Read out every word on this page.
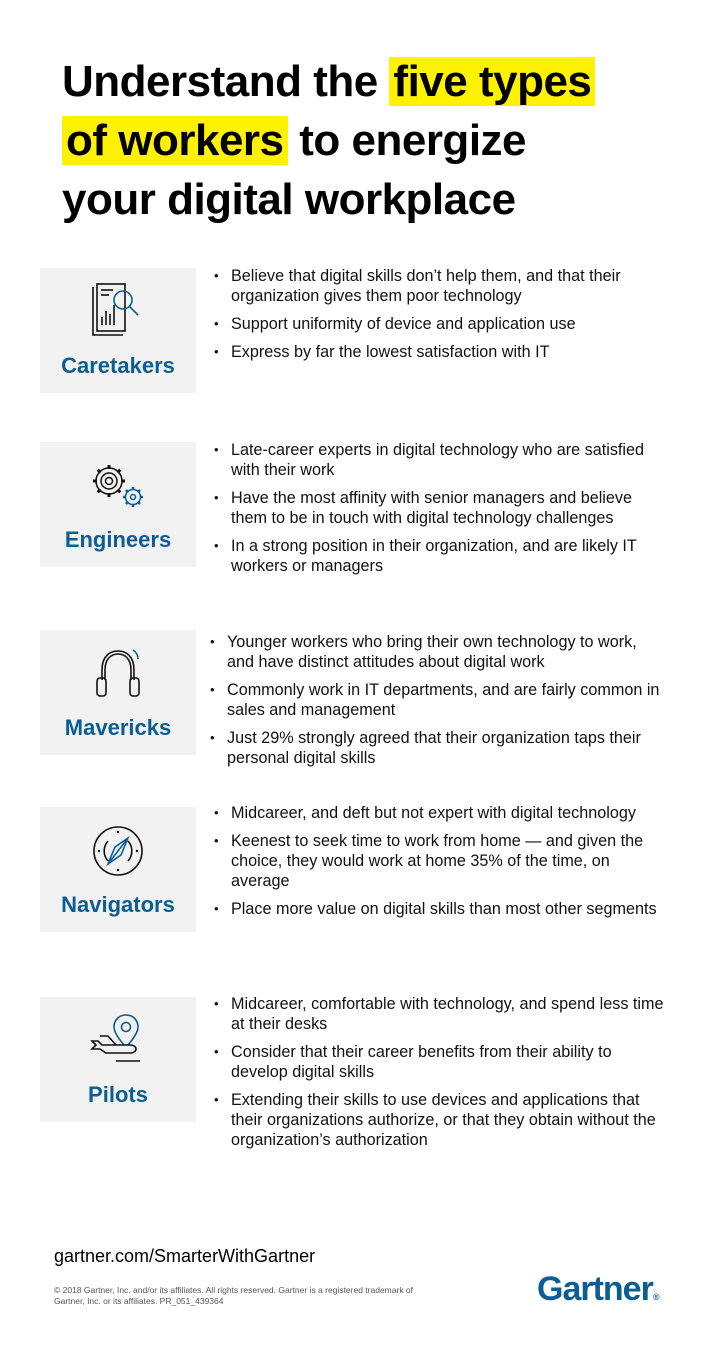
Understand the five types
of workers to energize
your digital workplace
Caretakers
• Believe that digital skills don’t help them, and that their organization gives them poor technology
• Support uniformity of device and application use
• Express by far the lowest satisfaction with IT
Engineers
• Late-career experts in digital technology who are satisfied with their work
• Have the most affinity with senior managers and believe them to be in touch with digital technology challenges
• In a strong position in their organization, and are likely IT workers or managers
Mavericks
• Younger workers who bring their own technology to work, and have distinct attitudes about digital work
• Commonly work in IT departments, and are fairly common in sales and management
• Just 29% strongly agreed that their organization taps their personal digital skills
Navigators
• Midcareer, and deft but not expert with digital technology
• Keenest to seek time to work from home — and given the choice, they would work at home 35% of the time, on average
• Place more value on digital skills than most other segments
Pilots
• Midcareer, comfortable with technology, and spend less time at their desks
• Consider that their career benefits from their ability to develop digital skills
• Extending their skills to use devices and applications that their organizations authorize, or that they obtain without the organization’s authorization
gartner.com/SmarterWithGartner
© 2018 Gartner, Inc. and/or its affiliates. All rights reserved. Gartner is a registered trademark of Gartner, Inc. or its affiliates. PR_051_439364	Gartner®
